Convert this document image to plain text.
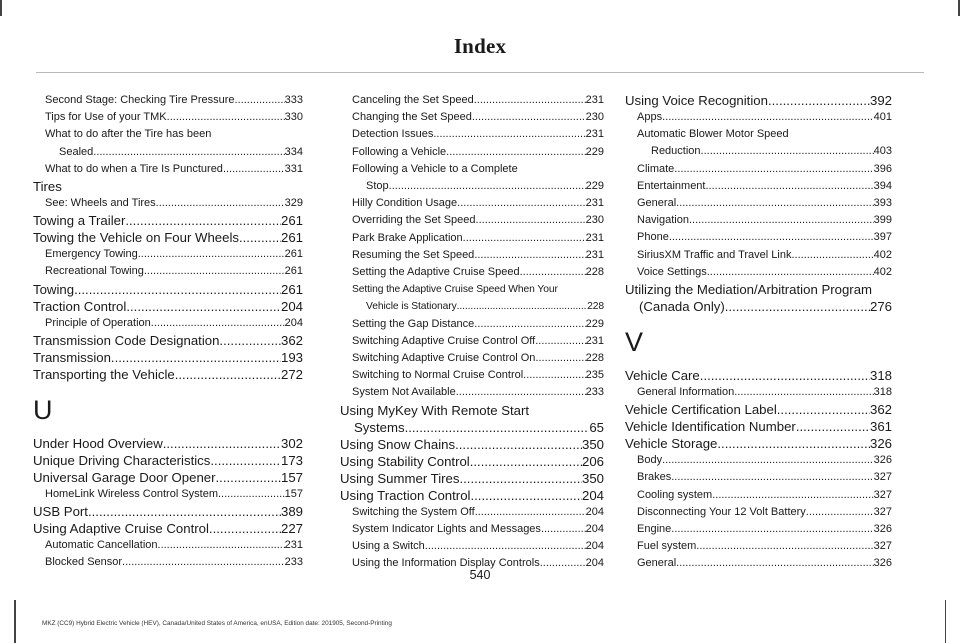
Index
Second Stage: Checking Tire Pressure .....	333
Tips for Use of your TMK .....	330
What to do after the Tire has been
Sealed .....	334
What to do when a Tire Is Punctured .....	331
Tires
See: Wheels and Tires .....	329
Towing a Trailer .....	261
Towing the Vehicle on Four Wheels .....	261
Emergency Towing .....	261
Recreational Towing .....	261
Towing .....	261
Traction Control .....	204
Principle of Operation .....	204
Transmission Code Designation .....	362
Transmission .....	193
Transporting the Vehicle .....	272
U
Under Hood Overview .....	302
Unique Driving Characteristics .....	173
Universal Garage Door Opener .....	157
HomeLink Wireless Control System .....	157
USB Port .....	389
Using Adaptive Cruise Control .....	227
Automatic Cancellation .....	231
Blocked Sensor .....	233
Canceling the Set Speed .....	231
Changing the Set Speed .....	230
Detection Issues .....	231
Following a Vehicle .....	229
Following a Vehicle to a Complete
Stop .....	229
Hilly Condition Usage .....	231
Overriding the Set Speed .....	230
Park Brake Application .....	231
Resuming the Set Speed .....	231
Setting the Adaptive Cruise Speed .....	228
Setting the Adaptive Cruise Speed When Your
Vehicle is Stationary .....	228
Setting the Gap Distance .....	229
Switching Adaptive Cruise Control Off .....	231
Switching Adaptive Cruise Control On .....	228
Switching to Normal Cruise Control .....	235
System Not Available .....	233
Using MyKey With Remote Start
Systems .....	65
Using Snow Chains .....	350
Using Stability Control .....	206
Using Summer Tires .....	350
Using Traction Control .....	204
Switching the System Off .....	204
System Indicator Lights and Messages .....	204
Using a Switch .....	204
Using the Information Display Controls .....	204
Using Voice Recognition .....	392
Apps .....	401
Automatic Blower Motor Speed
Reduction .....	403
Climate .....	396
Entertainment .....	394
General .....	393
Navigation .....	399
Phone .....	397
SiriusXM Traffic and Travel Link .....	402
Voice Settings .....	402
Utilizing the Mediation/Arbitration Program
(Canada Only) .....	276
V
Vehicle Care .....	318
General Information .....	318
Vehicle Certification Label .....	362
Vehicle Identification Number .....	361
Vehicle Storage .....	326
Body .....	326
Brakes .....	327
Cooling system .....	327
Disconnecting Your 12 Volt Battery .....	327
Engine .....	326
Fuel system .....	327
General .....	326
540
MKZ (CC9) Hybrid Electric Vehicle (HEV), Canada/United States of America, enUSA, Edition date: 201905, Second-Printing
